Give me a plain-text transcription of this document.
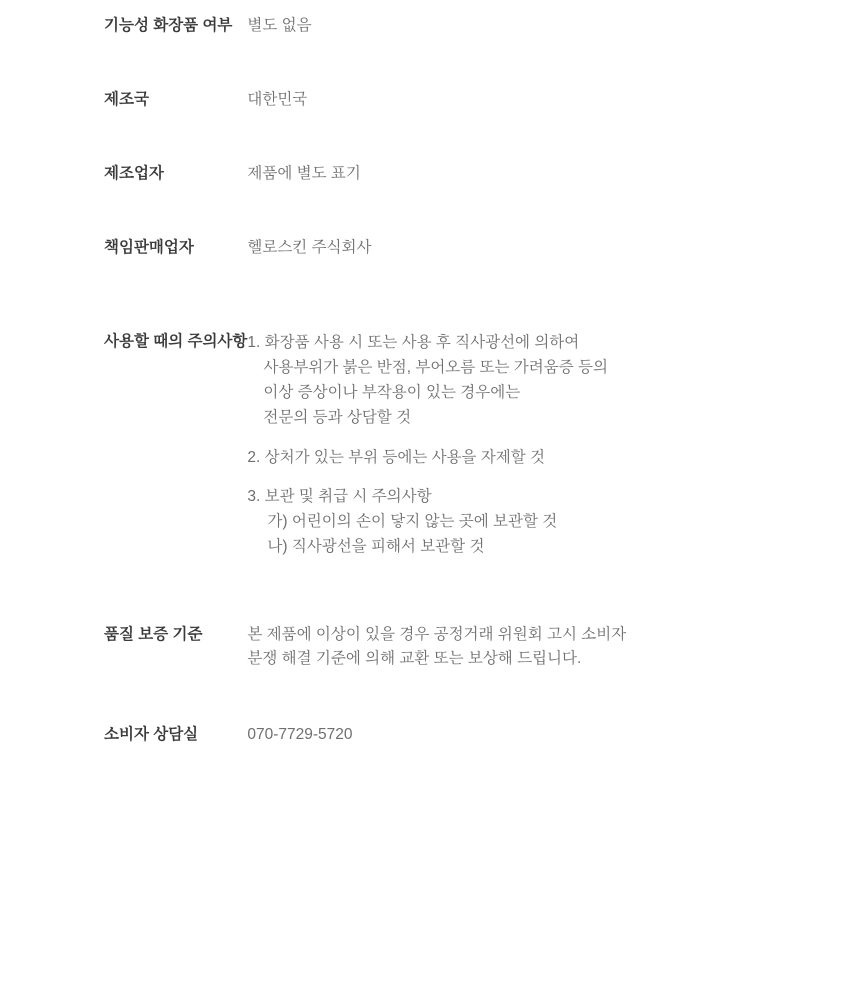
기능성 화장품 여부	별도 없음

제조국	대한민국

제조업자	제품에 별도 표기

책임판매업자	헬로스킨 주식회사

사용할 때의 주의사항	1. 화장품 사용 시 또는 사용 후 직사광선에 의하여
사용부위가 붉은 반점, 부어오름 또는 가려움증 등의
이상 증상이나 부작용이 있는 경우에는
전문의 등과 상담할 것
2. 상처가 있는 부위 등에는 사용을 자제할 것
3. 보관 및 취급 시 주의사항
가) 어린이의 손이 닿지 않는 곳에 보관할 것
나) 직사광선을 피해서 보관할 것

품질 보증 기준	본 제품에 이상이 있을 경우 공정거래 위원회 고시 소비자
분쟁 해결 기준에 의해 교환 또는 보상해 드립니다.

소비자 상담실	070-7729-5720
